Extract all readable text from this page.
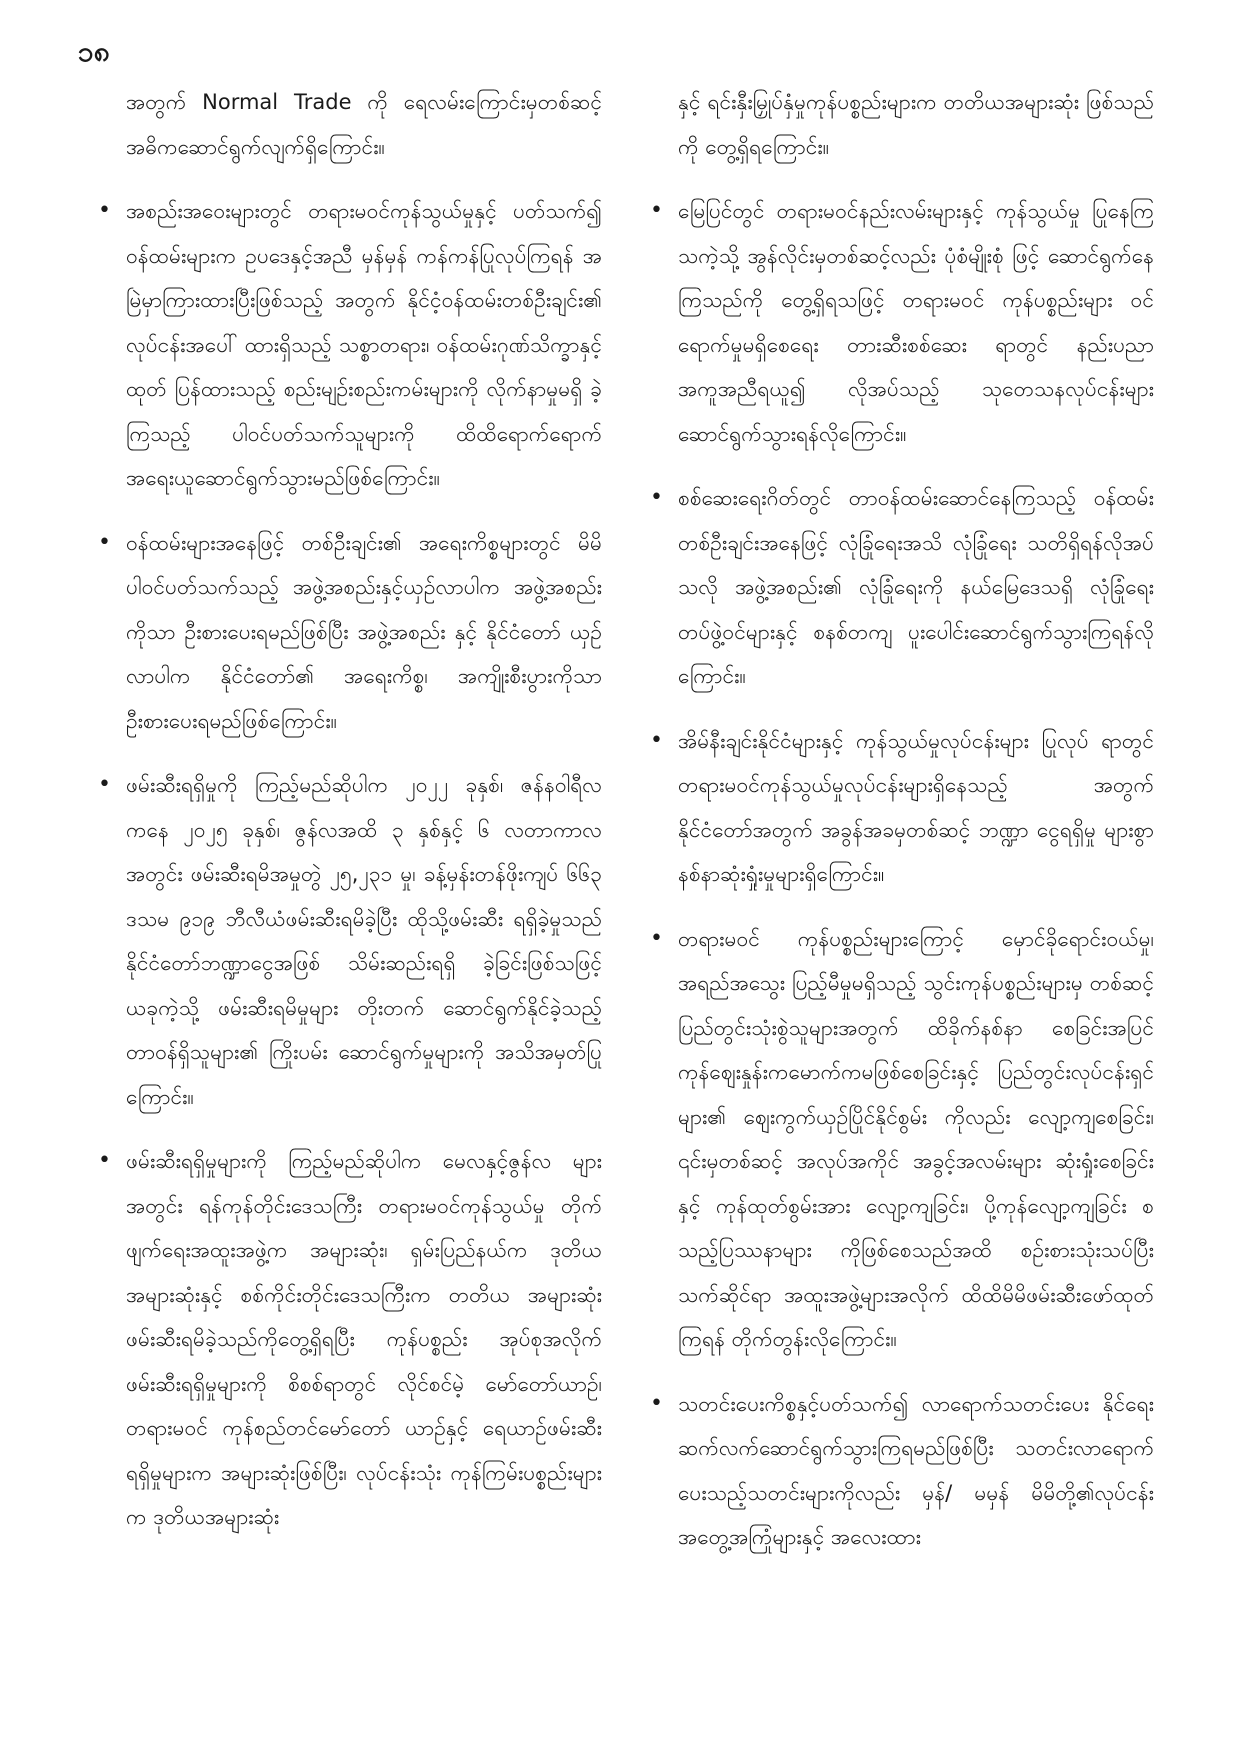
၁၈

အတွက် Normal Trade ကို ရေလမ်းကြောင်းမှတစ်ဆင့် အဓိကဆောင်ရွက်လျက်ရှိကြောင်း။

• အစည်းအဝေးများတွင် တရားမဝင်ကုန်သွယ်မှုနှင့် ပတ်သက်၍ ဝန်ထမ်းများက ဥပဒေနှင့်အညီ မှန်မှန် ကန်ကန်ပြုလုပ်ကြရန် အမြဲမှာကြားထားပြီးဖြစ်သည့် အတွက် နိုင်ငံ့ဝန်ထမ်းတစ်ဦးချင်း၏ လုပ်ငန်းအပေါ် ထားရှိသည့် သစ္စာတရား၊ ဝန်ထမ်းဂုဏ်သိက္ခာနှင့် ထုတ် ပြန်ထားသည့် စည်းမျဉ်းစည်းကမ်းများကို လိုက်နာမှုမရှိ ခဲ့ကြသည့် ပါဝင်ပတ်သက်သူများကို ထိထိရောက်ရောက် အရေးယူဆောင်ရွက်သွားမည်ဖြစ်ကြောင်း။
• ဝန်ထမ်းများအနေဖြင့် တစ်ဦးချင်း၏ အရေးကိစ္စများတွင် မိမိပါဝင်ပတ်သက်သည့် အဖွဲ့အစည်းနှင့်ယှဉ်လာပါက အဖွဲ့အစည်းကိုသာ ဦးစားပေးရမည်ဖြစ်ပြီး အဖွဲ့အစည်း နှင့် နိုင်ငံတော် ယှဉ်လာပါက နိုင်ငံတော်၏ အရေးကိစ္စ၊ အကျိုးစီးပွားကိုသာ ဦးစားပေးရမည်ဖြစ်ကြောင်း။
• ဖမ်းဆီးရရှိမှုကို ကြည့်မည်ဆိုပါက ၂၀၂၂ ခုနှစ်၊ ဇန်နဝါရီလ ကနေ ၂၀၂၅ ခုနှစ်၊ ဇွန်လအထိ ၃ နှစ်နှင့် ၆ လတာကာလ အတွင်း ဖမ်းဆီးရမိအမှုတွဲ ၂၅,၂၃၁ မှု၊ ခန့်မှန်းတန်ဖိုးကျပ် ၆၆၃ ဒသမ ၉၁၉ ဘီလီယံဖမ်းဆီးရမိခဲ့ပြီး ထိုသို့ဖမ်းဆီး ရရှိခဲ့မှုသည် နိုင်ငံတော်ဘဏ္ဍာငွေအဖြစ် သိမ်းဆည်းရရှိ ခဲ့ခြင်းဖြစ်သဖြင့် ယခုကဲ့သို့ ဖမ်းဆီးရမိမှုများ တိုးတက် ဆောင်ရွက်နိုင်ခဲ့သည့် တာဝန်ရှိသူများ၏ ကြိုးပမ်း ဆောင်ရွက်မှုများကို အသိအမှတ်ပြုကြောင်း။
• ဖမ်းဆီးရရှိမှုများကို ကြည့်မည်ဆိုပါက မေလနှင့်ဇွန်လ များအတွင်း ရန်ကုန်တိုင်းဒေသကြီး တရားမဝင်ကုန်သွယ်မှု တိုက်ဖျက်ရေးအထူးအဖွဲ့က အများဆုံး၊ ရှမ်းပြည်နယ်က ဒုတိယအများဆုံးနှင့် စစ်ကိုင်းတိုင်းဒေသကြီးက တတိယ အများဆုံး ဖမ်းဆီးရမိခဲ့သည်ကိုတွေ့ရှိရပြီး ကုန်ပစ္စည်း အုပ်စုအလိုက် ဖမ်းဆီးရရှိမှုများကို စိစစ်ရာတွင် လိုင်စင်မဲ့ မော်တော်ယာဉ်၊ တရားမဝင် ကုန်စည်တင်မော်တော် ယာဉ်နှင့် ရေယာဉ်ဖမ်းဆီးရရှိမှုများက အများဆုံးဖြစ်ပြီး၊ လုပ်ငန်းသုံး ကုန်ကြမ်းပစ္စည်းများက ဒုတိယအများဆုံး

နှင့် ရင်းနှီးမြှုပ်နှံမှုကုန်ပစ္စည်းများက တတိယအများဆုံး ဖြစ်သည်ကို တွေ့ရှိရကြောင်း။

• မြေပြင်တွင် တရားမဝင်နည်းလမ်းများနှင့် ကုန်သွယ်မှု ပြုနေကြသကဲ့သို့ အွန်လိုင်းမှတစ်ဆင့်လည်း ပုံစံမျိုးစုံ ဖြင့် ဆောင်ရွက်နေကြသည်ကို တွေ့ရှိရသဖြင့် တရားမဝင် ကုန်ပစ္စည်းများ ဝင်ရောက်မှုမရှိစေရေး တားဆီးစစ်ဆေး ရာတွင် နည်းပညာအကူအညီရယူ၍ လိုအပ်သည့် သုတေသနလုပ်ငန်းများ ဆောင်ရွက်သွားရန်လိုကြောင်း။
• စစ်ဆေးရေးဂိတ်တွင် တာဝန်ထမ်းဆောင်နေကြသည့် ဝန်ထမ်းတစ်ဦးချင်းအနေဖြင့် လုံခြုံရေးအသိ လုံခြုံရေး သတိရှိရန်လိုအပ်သလို အဖွဲ့အစည်း၏ လုံခြုံရေးကို နယ်မြေဒေသရှိ လုံခြုံရေးတပ်ဖွဲ့ဝင်များနှင့် စနစ်တကျ ပူးပေါင်းဆောင်ရွက်သွားကြရန်လိုကြောင်း။
• အိမ်နီးချင်းနိုင်ငံများနှင့် ကုန်သွယ်မှုလုပ်ငန်းများ ပြုလုပ် ရာတွင် တရားမဝင်ကုန်သွယ်မှုလုပ်ငန်းများရှိနေသည့် အတွက် နိုင်ငံတော်အတွက် အခွန်အခမှတစ်ဆင့် ဘဏ္ဍာ ငွေရရှိမှု များစွာနစ်နာဆုံးရှုံးမှုများရှိကြောင်း။
• တရားမဝင် ကုန်ပစ္စည်းများကြောင့် မှောင်ခိုရောင်းဝယ်မှု၊ အရည်အသွေး ပြည့်မီမှုမရှိသည့် သွင်းကုန်ပစ္စည်းများမှ တစ်ဆင့် ပြည်တွင်းသုံးစွဲသူများအတွက် ထိခိုက်နစ်နာ စေခြင်းအပြင် ကုန်ဈေးနှုန်းကမောက်ကမဖြစ်စေခြင်းနှင့် ပြည်တွင်းလုပ်ငန်းရှင်များ၏ ဈေးကွက်ယှဉ်ပြိုင်နိုင်စွမ်း ကိုလည်း လျော့ကျစေခြင်း၊ ၎င်းမှတစ်ဆင့် အလုပ်အကိုင် အခွင့်အလမ်းများ ဆုံးရှုံးစေခြင်းနှင့် ကုန်ထုတ်စွမ်းအား လျော့ကျခြင်း၊ ပို့ကုန်လျော့ကျခြင်း စသည့်ပြဿနာများ ကိုဖြစ်စေသည်အထိ စဉ်းစားသုံးသပ်ပြီး သက်ဆိုင်ရာ အထူးအဖွဲ့များအလိုက် ထိထိမိမိဖမ်းဆီးဖော်ထုတ်ကြရန် တိုက်တွန်းလိုကြောင်း။
• သတင်းပေးကိစ္စနှင့်ပတ်သက်၍ လာရောက်သတင်းပေး နိုင်ရေး ဆက်လက်ဆောင်ရွက်သွားကြရမည်ဖြစ်ပြီး သတင်းလာရောက်ပေးသည့်သတင်းများကိုလည်း မှန်/ မမှန် မိမိတို့၏လုပ်ငန်းအတွေ့အကြုံများနှင့် အလေးထား
